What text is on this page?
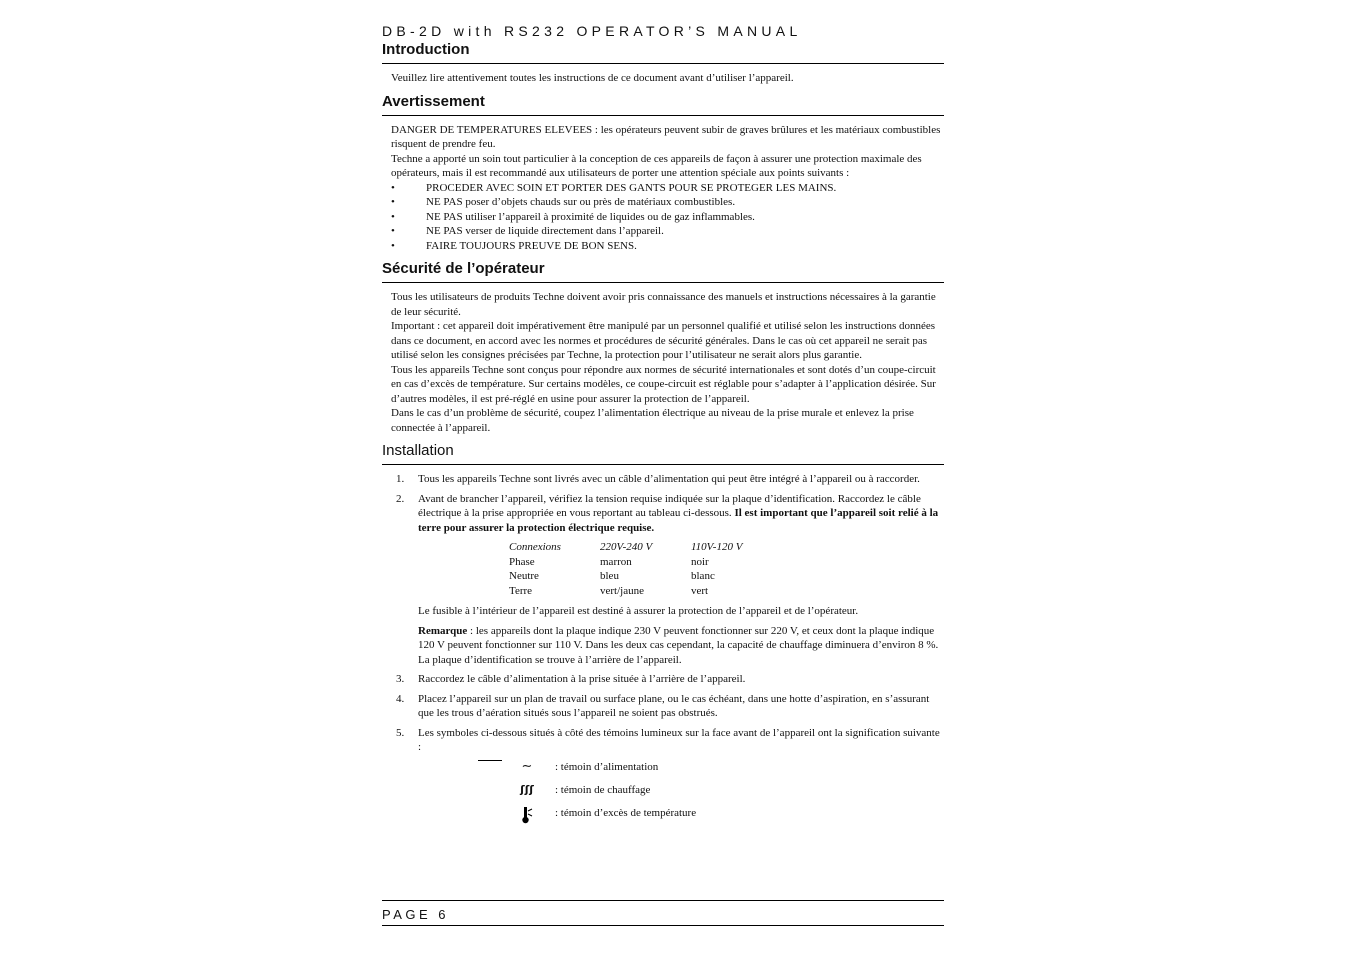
DB-2D with RS232 OPERATOR’S MANUAL
Introduction

Veuillez lire attentivement toutes les instructions de ce document avant d’utiliser l’appareil.

Avertissement

DANGER DE TEMPERATURES ELEVEES : les opérateurs peuvent subir de graves brûlures et les matériaux combustibles risquent de prendre feu.

Techne a apporté un soin tout particulier à la conception de ces appareils de façon à assurer une protection maximale des opérateurs, mais il est recommandé aux utilisateurs de porter une attention spéciale aux points suivants :

•	PROCEDER AVEC SOIN ET PORTER DES GANTS POUR SE PROTEGER LES MAINS.
•	NE PAS poser d’objets chauds sur ou près de matériaux combustibles.
•	NE PAS utiliser l’appareil à proximité de liquides ou de gaz inflammables.
•	NE PAS verser de liquide directement dans l’appareil.
•	FAIRE TOUJOURS PREUVE DE BON SENS.
Sécurité de l’opérateur

Tous les utilisateurs de produits Techne doivent avoir pris connaissance des manuels et instructions nécessaires à la garantie de leur sécurité.

Important : cet appareil doit impérativement être manipulé par un personnel qualifié et utilisé selon les instructions données dans ce document, en accord avec les normes et procédures de sécurité générales. Dans le cas où cet appareil ne serait pas utilisé selon les consignes précisées par Techne, la protection pour l’utilisateur ne serait alors plus garantie.

Tous les appareils Techne sont conçus pour répondre aux normes de sécurité internationales et sont dotés d’un coupe-circuit en cas d’excès de température. Sur certains modèles, ce coupe-circuit est réglable pour s’adapter à l’application désirée. Sur d’autres modèles, il est pré-réglé en usine pour assurer la protection de l’appareil.

Dans le cas d’un problème de sécurité, coupez l’alimentation électrique au niveau de la prise murale et enlevez la prise connectée à l’appareil.

Installation
1. Tous les appareils Techne sont livrés avec un câble d’alimentation qui peut être intégré à l’appareil ou à raccorder.

2. Avant de brancher l’appareil, vérifiez la tension requise indiquée sur la plaque d’identification. Raccordez le câble électrique à la prise appropriée en vous reportant au tableau ci-dessous. Il est important que l’appareil soit relié à la terre pour assurer la protection électrique requise.

Connexions	220V-240 V	110V-120 V
Phase	marron	noir
Neutre	bleu	blanc
Terre	vert/jaune	vert

Le fusible à l’intérieur de l’appareil est destiné à assurer la protection de l’appareil et de l’opérateur.

Remarque : les appareils dont la plaque indique 230 V peuvent fonctionner sur 220 V, et ceux dont la plaque indique 120 V peuvent fonctionner sur 110 V. Dans les deux cas cependant, la capacité de chauffage diminuera d’environ 8 %. La plaque d’identification se trouve à l’arrière de l’appareil.

3. Raccordez le câble d’alimentation à la prise située à l’arrière de l’appareil.

4. Placez l’appareil sur un plan de travail ou surface plane, ou le cas échéant, dans une hotte d’aspiration, en s’assurant que les trous d’aération situés sous l’appareil ne soient pas obstrués.

5. Les symboles ci-dessous situés à côté des témoins lumineux sur la face avant de l’appareil ont la signification suivante :

∼	: témoin d’alimentation
ʃʃʃ : témoin de chauffage
: témoin d’excès de température
PAGE 6
